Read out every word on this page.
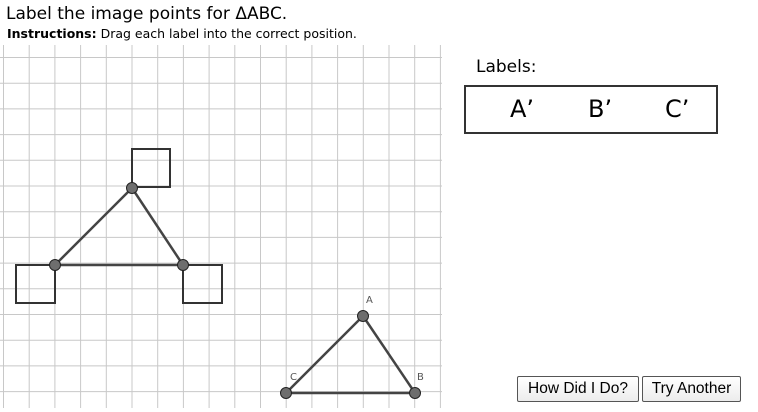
Label the image points for ΔABC.
Instructions: Drag each label into the correct position.
A
B
C
Labels:
A’ B’ C’
How Did I Do?	Try Another
